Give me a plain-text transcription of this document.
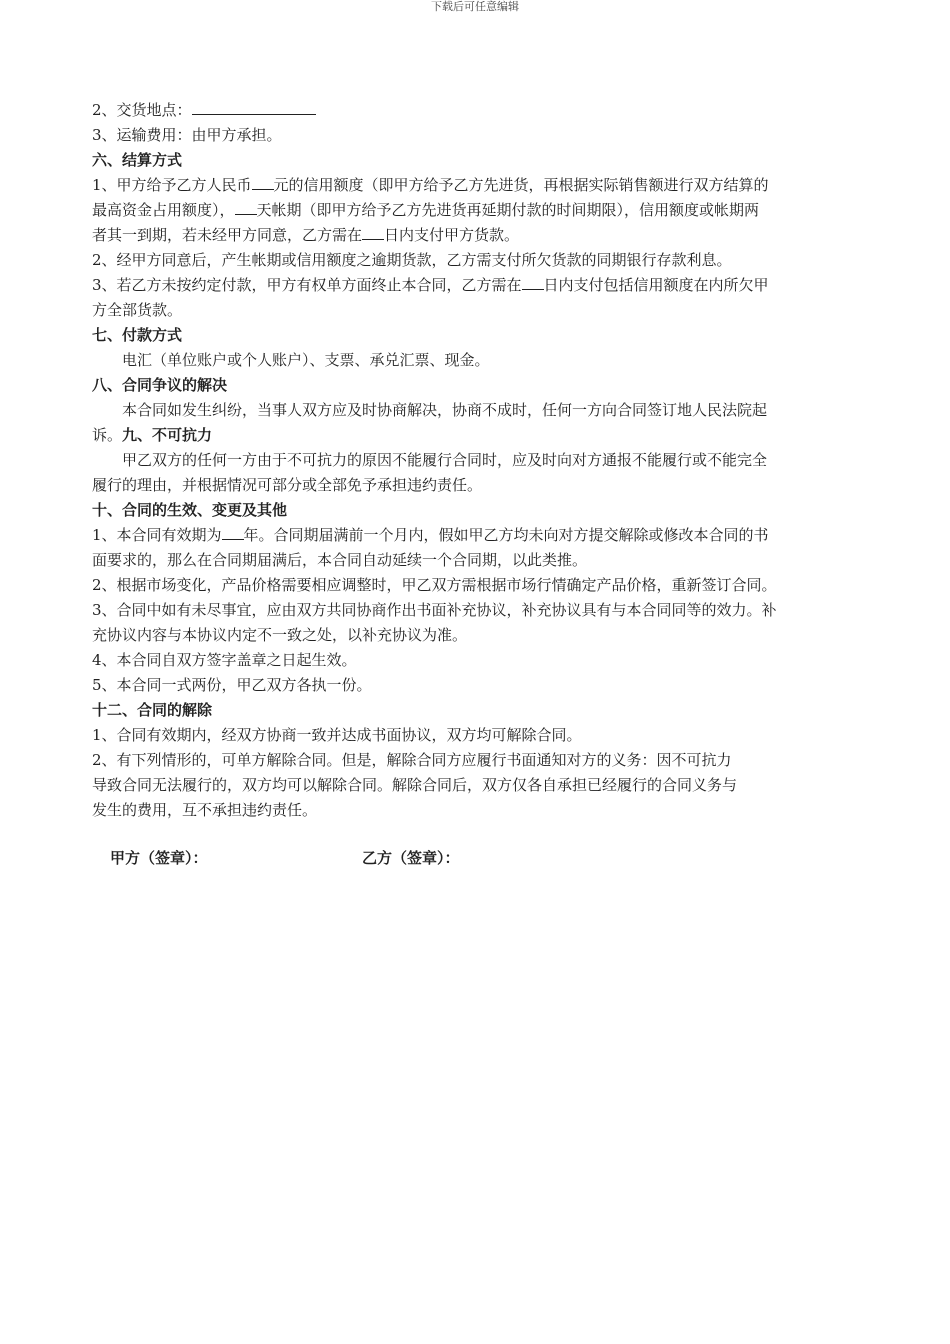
下载后可任意编辑
2、交货地点：
3、运输费用：由甲方承担。
六、结算方式
1、甲方给予乙方人民币 元的信用额度（即甲方给予乙方先进货，再根据实际销售额进行双方结算的
最高资金占用额度）， 天帐期（即甲方给予乙方先进货再延期付款的时间期限），信用额度或帐期两
者其一到期，若未经甲方同意，乙方需在 日内支付甲方货款。
2、经甲方同意后，产生帐期或信用额度之逾期货款，乙方需支付所欠货款的同期银行存款利息。
3、若乙方未按约定付款，甲方有权单方面终止本合同，乙方需在 日内支付包括信用额度在内所欠甲
方全部货款。
七、付款方式
电汇（单位账户或个人账户）、支票、承兑汇票、现金。
八、合同争议的解决
本合同如发生纠纷，当事人双方应及时协商解决，协商不成时，任何一方向合同签订地人民法院起
诉。九、不可抗力
甲乙双方的任何一方由于不可抗力的原因不能履行合同时，应及时向对方通报不能履行或不能完全
履行的理由，并根据情况可部分或全部免予承担违约责任。
十、合同的生效、变更及其他
1、本合同有效期为 年。合同期届满前一个月内，假如甲乙方均未向对方提交解除或修改本合同的书
面要求的，那么在合同期届满后，本合同自动延续一个合同期，以此类推。
2、根据市场变化，产品价格需要相应调整时，甲乙双方需根据市场行情确定产品价格，重新签订合同。
3、合同中如有未尽事宜，应由双方共同协商作出书面补充协议，补充协议具有与本合同同等的效力。补
充协议内容与本协议内定不一致之处，以补充协议为准。
4、本合同自双方签字盖章之日起生效。
5、本合同一式两份，甲乙双方各执一份。
十二、合同的解除
1、合同有效期内，经双方协商一致并达成书面协议，双方均可解除合同。
2、有下列情形的，可单方解除合同。但是，解除合同方应履行书面通知对方的义务：因不可抗力
导致合同无法履行的，双方均可以解除合同。解除合同后，双方仅各自承担已经履行的合同义务与
发生的费用，互不承担违约责任。
甲方（签章）：	乙方（签章）：
